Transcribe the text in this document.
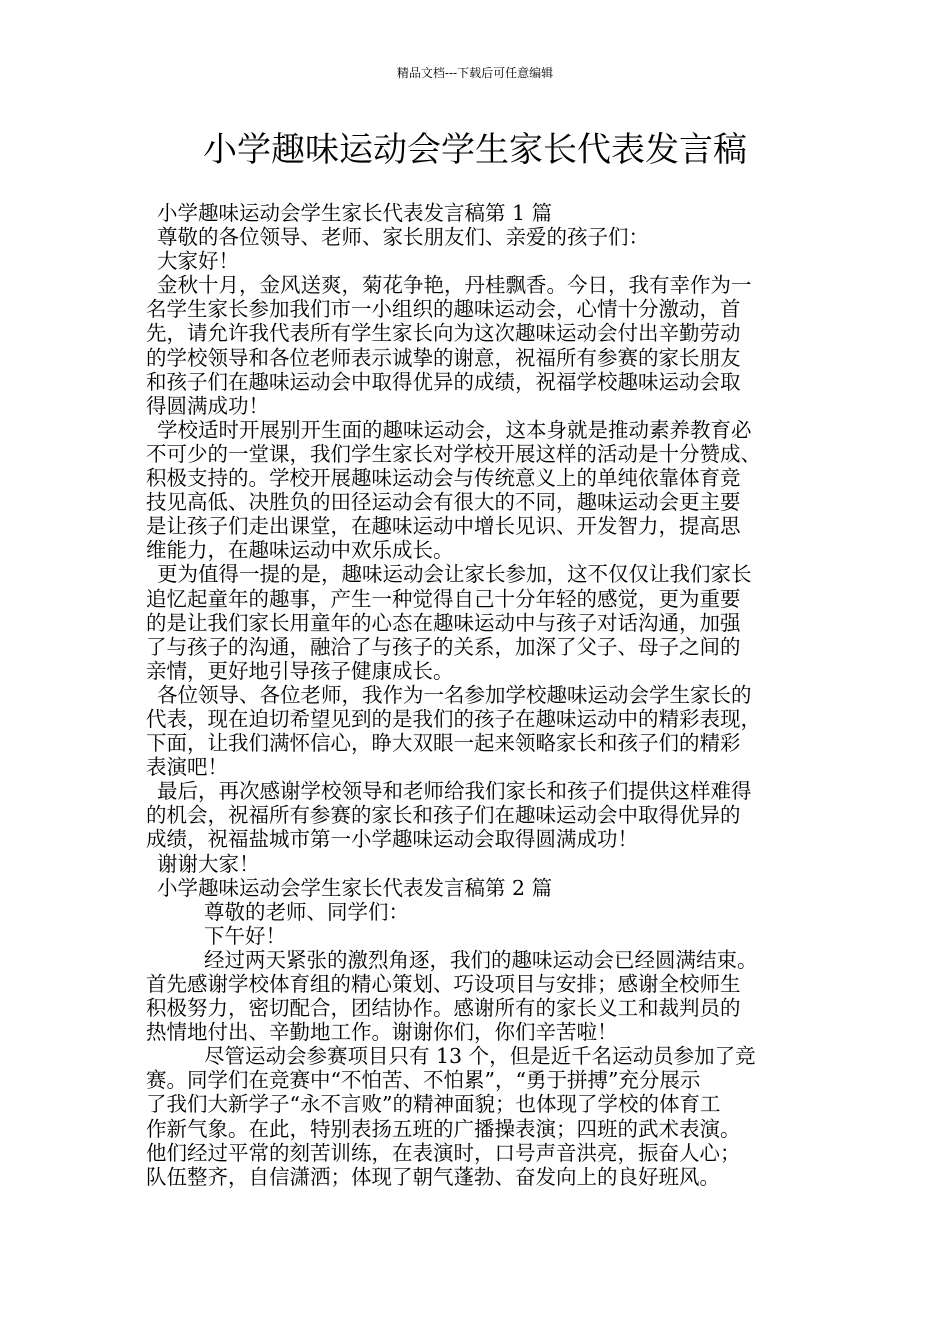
精品文档---下载后可任意编辑
小学趣味运动会学生家长代表发言稿
小学趣味运动会学生家长代表发言稿第 1 篇
尊敬的各位领导、老师、家长朋友们、亲爱的孩子们：
大家好！
金秋十月，金风送爽，菊花争艳，丹桂飘香。今日，我有幸作为一
名学生家长参加我们市一小组织的趣味运动会，心情十分激动，首
先，请允许我代表所有学生家长向为这次趣味运动会付出辛勤劳动
的学校领导和各位老师表示诚挚的谢意，祝福所有参赛的家长朋友
和孩子们在趣味运动会中取得优异的成绩，祝福学校趣味运动会取
得圆满成功！
学校适时开展别开生面的趣味运动会，这本身就是推动素养教育必
不可少的一堂课，我们学生家长对学校开展这样的活动是十分赞成、
积极支持的。学校开展趣味运动会与传统意义上的单纯依靠体育竞
技见高低、决胜负的田径运动会有很大的不同，趣味运动会更主要
是让孩子们走出课堂，在趣味运动中增长见识、开发智力，提高思
维能力，在趣味运动中欢乐成长。
更为值得一提的是，趣味运动会让家长参加，这不仅仅让我们家长
追忆起童年的趣事，产生一种觉得自己十分年轻的感觉，更为重要
的是让我们家长用童年的心态在趣味运动中与孩子对话沟通，加强
了与孩子的沟通，融洽了与孩子的关系，加深了父子、母子之间的
亲情，更好地引导孩子健康成长。
各位领导、各位老师，我作为一名参加学校趣味运动会学生家长的
代表，现在迫切希望见到的是我们的孩子在趣味运动中的精彩表现，
下面，让我们满怀信心，睁大双眼一起来领略家长和孩子们的精彩
表演吧！
最后，再次感谢学校领导和老师给我们家长和孩子们提供这样难得
的机会，祝福所有参赛的家长和孩子们在趣味运动会中取得优异的
成绩，祝福盐城市第一小学趣味运动会取得圆满成功！
谢谢大家！
小学趣味运动会学生家长代表发言稿第 2 篇
尊敬的老师、同学们：
下午好！
经过两天紧张的激烈角逐，我们的趣味运动会已经圆满结束。
首先感谢学校体育组的精心策划、巧设项目与安排；感谢全校师生
积极努力，密切配合，团结协作。感谢所有的家长义工和裁判员的
热情地付出、辛勤地工作。谢谢你们，你们辛苦啦！
尽管运动会参赛项目只有 13 个，但是近千名运动员参加了竞
赛。同学们在竞赛中“不怕苦、不怕累”，“勇于拼搏”充分展示
了我们大新学子“永不言败”的精神面貌；也体现了学校的体育工
作新气象。在此，特别表扬五班的广播操表演；四班的武术表演。
他们经过平常的刻苦训练，在表演时，口号声音洪亮，振奋人心；
队伍整齐，自信潇洒；体现了朝气蓬勃、奋发向上的良好班风。
